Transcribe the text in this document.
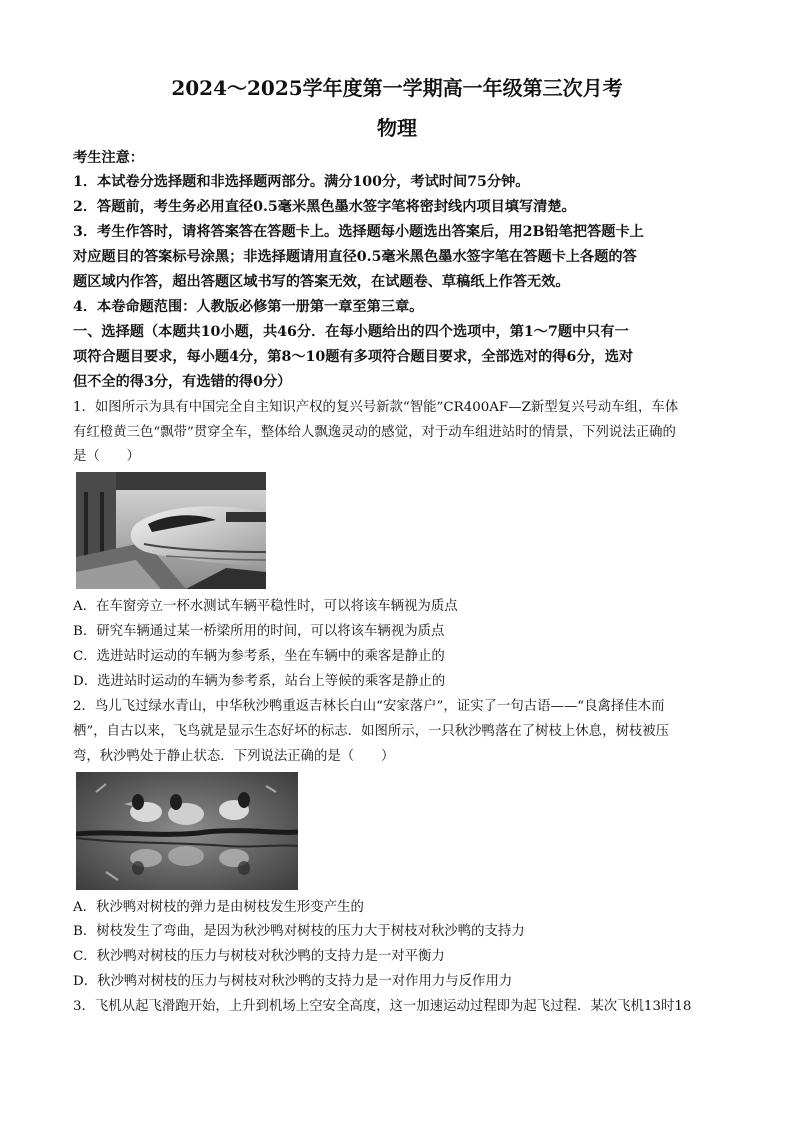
2024～2025学年度第一学期高一年级第三次月考
物理
考生注意：
1．本试卷分选择题和非选择题两部分。满分100分，考试时间75分钟。
2．答题前，考生务必用直径0.5毫米黑色墨水签字笔将密封线内项目填写清楚。
3．考生作答时，请将答案答在答题卡上。选择题每小题选出答案后，用2B铅笔把答题卡上
对应题目的答案标号涂黑；非选择题请用直径0.5毫米黑色墨水签字笔在答题卡上各题的答
题区域内作答，超出答题区域书写的答案无效，在试题卷、草稿纸上作答无效。
4．本卷命题范围：人教版必修第一册第一章至第三章。
一、选择题（本题共10小题，共46分．在每小题给出的四个选项中，第1～7题中只有一
项符合题目要求，每小题4分，第8～10题有多项符合题目要求，全部选对的得6分，选对
但不全的得3分，有选错的得0分）
1．如图所示为具有中国完全自主知识产权的复兴号新款“智能”CR400AF—Z新型复兴号动车组，车体
有红橙黄三色“飘带”贯穿全车，整体给人飘逸灵动的感觉，对于动车组进站时的情景，下列说法正确的
是（　　）
A．在车窗旁立一杯水测试车辆平稳性时，可以将该车辆视为质点
B．研究车辆通过某一桥梁所用的时间，可以将该车辆视为质点
C．选进站时运动的车辆为参考系，坐在车辆中的乘客是静止的
D．选进站时运动的车辆为参考系，站台上等候的乘客是静止的
2．鸟儿飞过绿水青山，中华秋沙鸭重返吉林长白山“安家落户”，证实了一句古语——“良禽择佳木而
栖”，自古以来，飞鸟就是显示生态好坏的标志．如图所示，一只秋沙鸭落在了树枝上休息，树枝被压
弯，秋沙鸭处于静止状态．下列说法正确的是（　　）
A．秋沙鸭对树枝的弹力是由树枝发生形变产生的
B．树枝发生了弯曲，是因为秋沙鸭对树枝的压力大于树枝对秋沙鸭的支持力
C．秋沙鸭对树枝的压力与树枝对秋沙鸭的支持力是一对平衡力
D．秋沙鸭对树枝的压力与树枝对秋沙鸭的支持力是一对作用力与反作用力
3．飞机从起飞滑跑开始，上升到机场上空安全高度，这一加速运动过程即为起飞过程．某次飞机13时18
